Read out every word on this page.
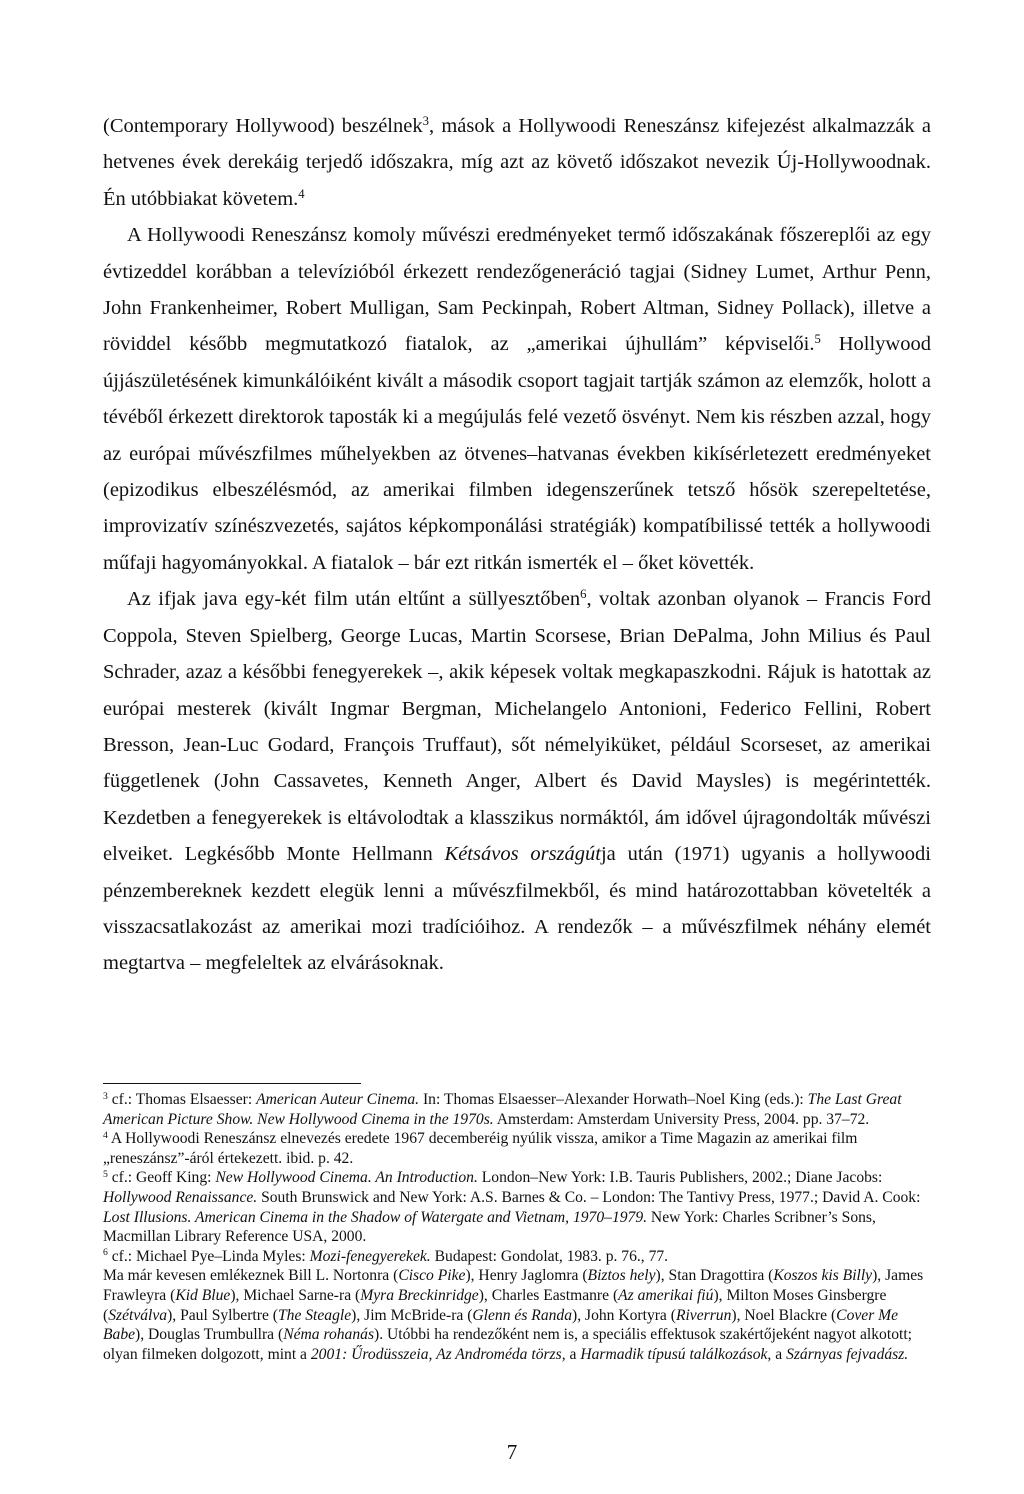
(Contemporary Hollywood) beszélnek$^3$, mások a Hollywoodi Reneszánsz kifejezést alkalmazzák a hetvenes évek derekáig terjedő időszakra, míg azt az követő időszakot nevezik Új-Hollywoodnak. Én utóbbiakat követem.$^4$

A Hollywoodi Reneszánsz komoly művészi eredményeket termő időszakának főszereplői az egy évtizeddel korábban a televízióból érkezett rendezőgeneráció tagjai (Sidney Lumet, Arthur Penn, John Frankenheimer, Robert Mulligan, Sam Peckinpah, Robert Altman, Sidney Pollack), illetve a röviddel később megmutatkozó fiatalok, az „amerikai újhullám” képviselői.$^5$ Hollywood újjászületésének kimunkálóiként kivált a második csoport tagjait tartják számon az elemzők, holott a tévéből érkezett direktorok taposták ki a megújulás felé vezető ösvényt. Nem kis részben azzal, hogy az európai művészfilmes műhelyekben az ötvenes–hatvanas években kikísérletezett eredményeket (epizodikus elbeszélésmód, az amerikai filmben idegenszerűnek tetsző hősök szerepeltetése, improvizatív színészvezetés, sajátos képkomponálási stratégiák) kompatíbilissé tették a hollywoodi műfaji hagyományokkal. A fiatalok – bár ezt ritkán ismerték el – őket követték.

Az ifjak java egy-két film után eltűnt a süllyesztőben$^6$, voltak azonban olyanok – Francis Ford Coppola, Steven Spielberg, George Lucas, Martin Scorsese, Brian DePalma, John Milius és Paul Schrader, azaz a későbbi fenegyerekek –, akik képesek voltak megkapaszkodni. Rájuk is hatottak az európai mesterek (kivált Ingmar Bergman, Michelangelo Antonioni, Federico Fellini, Robert Bresson, Jean-Luc Godard, François Truffaut), sőt némelyiküket, például Scorseset, az amerikai függetlenek (John Cassavetes, Kenneth Anger, Albert és David Maysles) is megérintették. Kezdetben a fenegyerekek is eltávolodtak a klasszikus normáktól, ám idővel újragondolták művészi elveiket. Legkésőbb Monte Hellmann Kétsávos országútja után (1971) ugyanis a hollywoodi pénzembereknek kezdett elegük lenni a művészfilmekből, és mind határozottabban követelték a visszacsatlakozást az amerikai mozi tradícióihoz. A rendezők – a művészfilmek néhány elemét megtartva – megfeleltek az elvárásoknak.

$^3$ cf.: Thomas Elsaesser: American Auteur Cinema. In: Thomas Elsaesser–Alexander Horwath–Noel King (eds.): The Last Great American Picture Show. New Hollywood Cinema in the 1970s. Amsterdam: Amsterdam University Press, 2004. pp. 37–72.

$^4$ A Hollywoodi Reneszánsz elnevezés eredete 1967 decemberéig nyúlik vissza, amikor a Time Magazin az amerikai film „reneszánsz”-áról értekezett. ibid. p. 42.

$^5$ cf.: Geoff King: New Hollywood Cinema. An Introduction. London–New York: I.B. Tauris Publishers, 2002.; Diane Jacobs: Hollywood Renaissance. South Brunswick and New York: A.S. Barnes & Co. – London: The Tantivy Press, 1977.; David A. Cook: Lost Illusions. American Cinema in the Shadow of Watergate and Vietnam, 1970–1979. New York: Charles Scribner’s Sons, Macmillan Library Reference USA, 2000.

$^6$ cf.: Michael Pye–Linda Myles: Mozi-fenegyerekek. Budapest: Gondolat, 1983. p. 76., 77.

Ma már kevesen emlékeznek Bill L. Nortonra (Cisco Pike), Henry Jaglomra (Biztos hely), Stan Dragottira (Koszos kis Billy), James Frawleyra (Kid Blue), Michael Sarne-ra (Myra Breckinridge), Charles Eastmanre (Az amerikai fiú), Milton Moses Ginsbergre (Szétválva), Paul Sylbertre (The Steagle), Jim McBride-ra (Glenn és Randa), John Kortyra (Riverrun), Noel Blackre (Cover Me Babe), Douglas Trumbullra (Néma rohanás). Utóbbi ha rendezőként nem is, a speciális effektusok szakértőjeként nagyot alkotott; olyan filmeken dolgozott, mint a 2001: Űrodüsszeia, Az Androméda törzs, a Harmadik típusú találkozások, a Szárnyas fejvadász.

7
